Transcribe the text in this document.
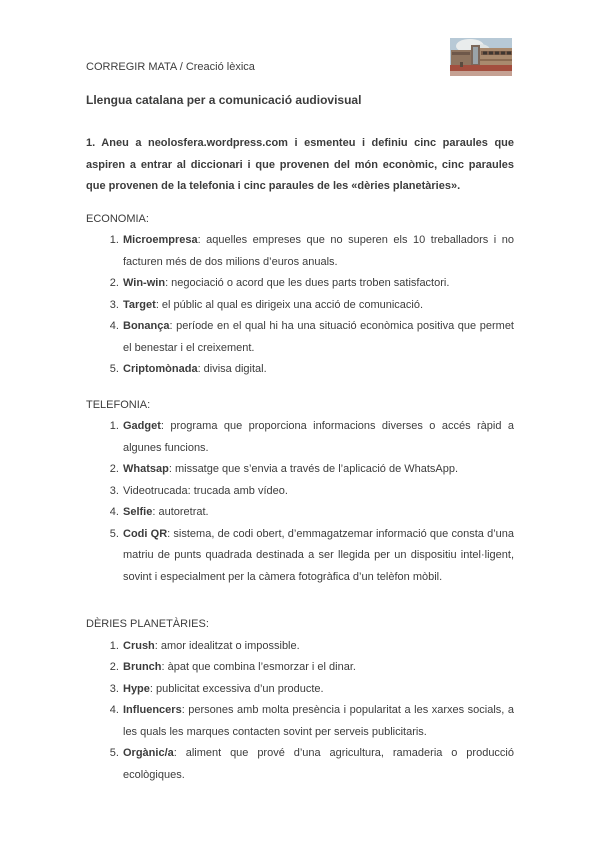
CORREGIR MATA / Creació lèxica
Llengua catalana per a comunicació audiovisual

1. Aneu a neolosfera.wordpress.com i esmenteu i definiu cinc paraules que aspiren a entrar al diccionari i que provenen del món econòmic, cinc paraules que provenen de la telefonia i cinc paraules de les «dèries planetàries».

ECONOMIA:
1. Microempresa: aquelles empreses que no superen els 10 treballadors i no facturen més de dos milions d’euros anuals.
2. Win-win: negociació o acord que les dues parts troben satisfactori.
3. Target: el públic al qual es dirigeix una acció de comunicació.
4. Bonança: període en el qual hi ha una situació econòmica positiva que permet el benestar i el creixement.
5. Criptomònada: divisa digital.
TELEFONIA:
1. Gadget: programa que proporciona informacions diverses o accés ràpid a algunes funcions.
2. Whatsap: missatge que s’envia a través de l’aplicació de WhatsApp.
3. Videotrucada: trucada amb vídeo.
4. Selfie: autoretrat.
5. Codi QR: sistema, de codi obert, d’emmagatzemar informació que consta d’una matriu de punts quadrada destinada a ser llegida per un dispositiu intel·ligent, sovint i especialment per la càmera fotogràfica d’un telèfon mòbil.
DÈRIES PLANETÀRIES:
1. Crush: amor idealitzat o impossible.
2. Brunch: àpat que combina l’esmorzar i el dinar.
3. Hype: publicitat excessiva d’un producte.
4. Influencers: persones amb molta presència i popularitat a les xarxes socials, a les quals les marques contacten sovint per serveis publicitaris.
5. Orgànic/a: aliment que prové d’una agricultura, ramaderia o producció ecològiques.
